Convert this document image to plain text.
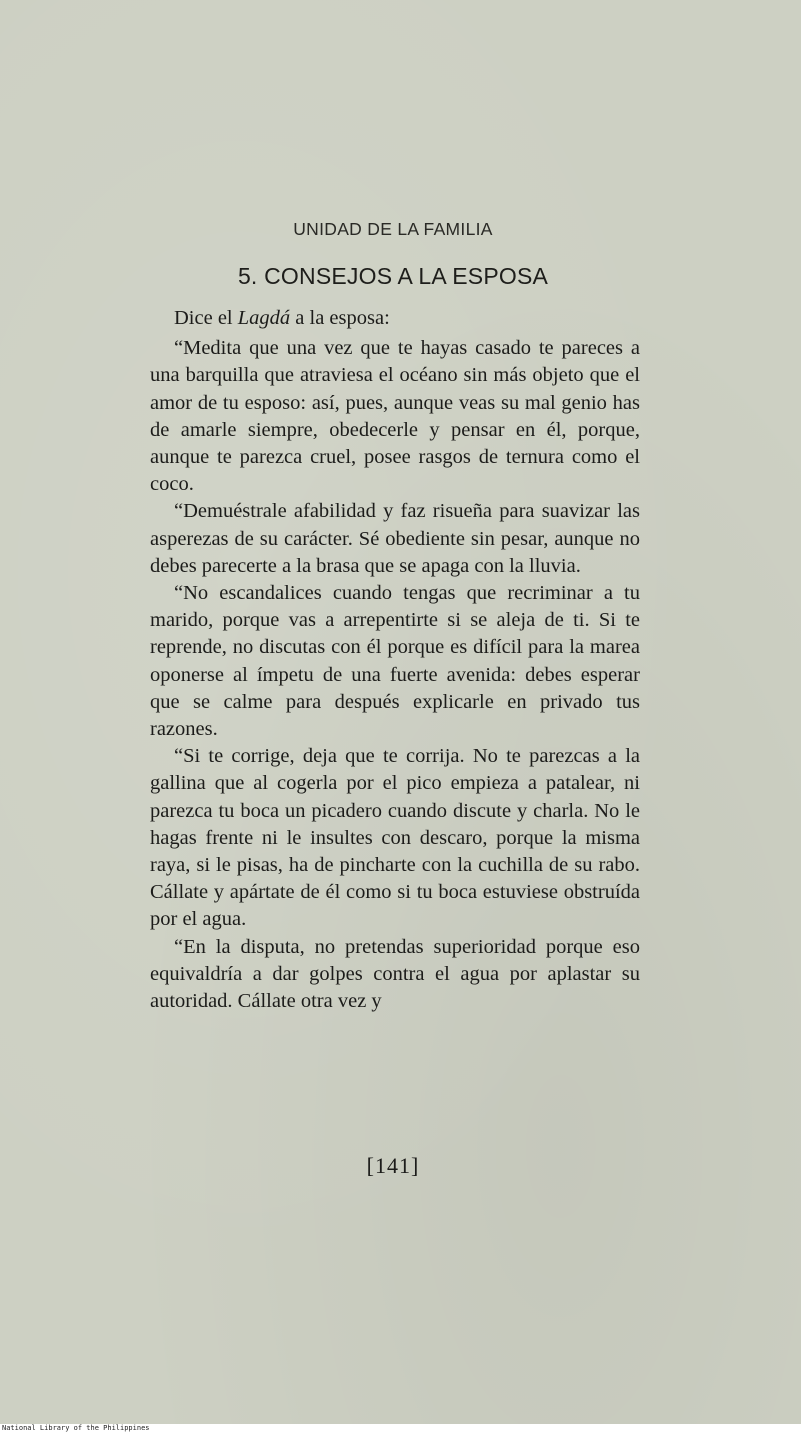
UNIDAD DE LA FAMILIA
5. CONSEJOS A LA ESPOSA

Dice el Lagdá a la esposa:

“Medita que una vez que te hayas casado te pareces a una barquilla que atraviesa el océano sin más objeto que el amor de tu esposo: así, pues, aunque veas su mal genio has de amarle siempre, obedecerle y pensar en él, porque, aunque te parezca cruel, posee rasgos de ternura como el coco.

“Demuéstrale afabilidad y faz risueña para suavizar las asperezas de su carácter. Sé obediente sin pesar, aunque no debes parecerte a la brasa que se apaga con la lluvia.

“No escandalices cuando tengas que recriminar a tu marido, porque vas a arrepentirte si se aleja de ti. Si te reprende, no discutas con él porque es difícil para la marea oponerse al ímpetu de una fuerte avenida: debes esperar que se calme para después explicarle en privado tus razones.

“Si te corrige, deja que te corrija. No te parezcas a la gallina que al cogerla por el pico empieza a patalear, ni parezca tu boca un picadero cuando discute y charla. No le hagas frente ni le insultes con descaro, porque la misma raya, si le pisas, ha de pincharte con la cuchilla de su rabo. Cállate y apártate de él como si tu boca estuviese obstruída por el agua.

“En la disputa, no pretendas superioridad porque eso equivaldría a dar golpes contra el agua por aplastar su autoridad. Cállate otra vez y

[141]
National Library of the Philippines
